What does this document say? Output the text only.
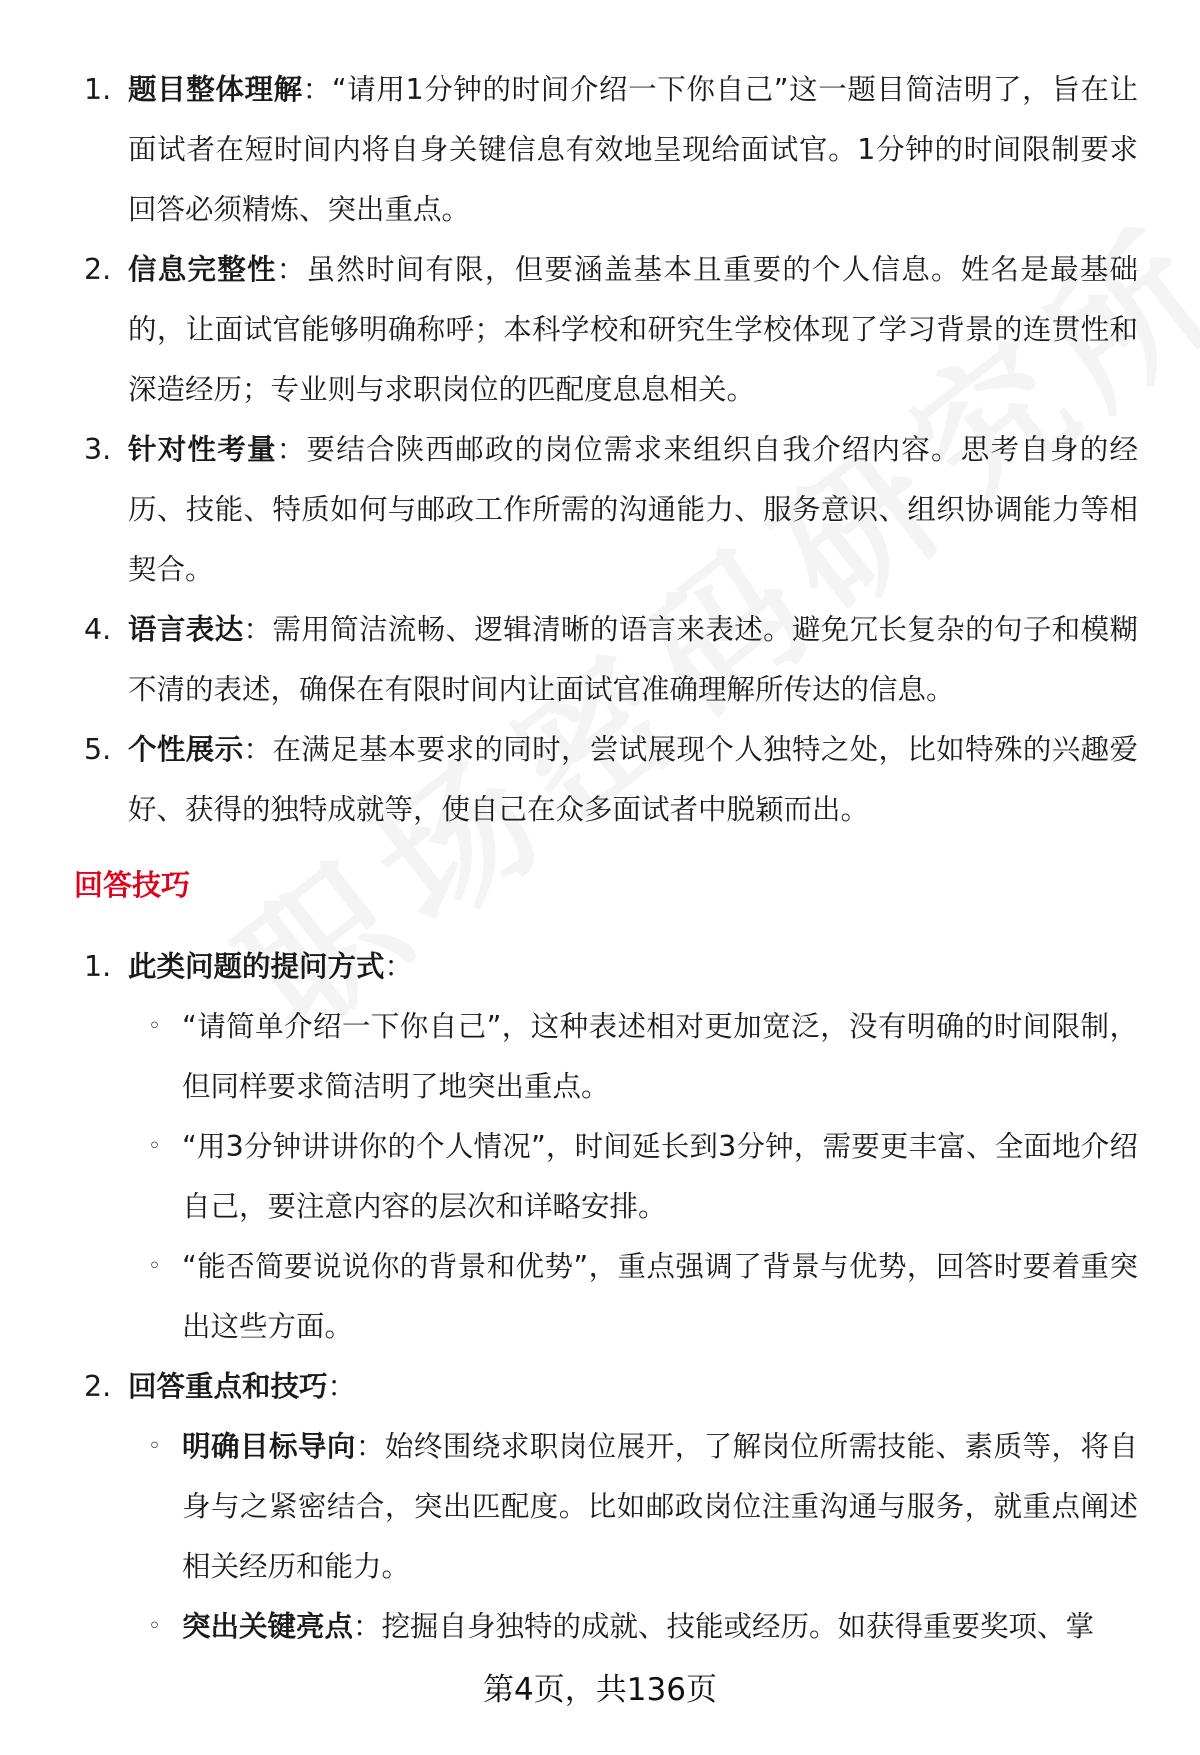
1. 题目整体理解：“请用1分钟的时间介绍一下你自己”这一题目简洁明了，旨在让面试者在短时间内将自身关键信息有效地呈现给面试官。1分钟的时间限制要求回答必须精炼、突出重点。
2. 信息完整性：虽然时间有限，但要涵盖基本且重要的个人信息。姓名是最基础的，让面试官能够明确称呼；本科学校和研究生学校体现了学习背景的连贯性和深造经历；专业则与求职岗位的匹配度息息相关。
3. 针对性考量：要结合陕西邮政的岗位需求来组织自我介绍内容。思考自身的经历、技能、特质如何与邮政工作所需的沟通能力、服务意识、组织协调能力等相契合。
4. 语言表达：需用简洁流畅、逻辑清晰的语言来表述。避免冗长复杂的句子和模糊不清的表述，确保在有限时间内让面试官准确理解所传达的信息。
5. 个性展示：在满足基本要求的同时，尝试展现个人独特之处，比如特殊的兴趣爱好、获得的独特成就等，使自己在众多面试者中脱颖而出。
回答技巧
1. 此类问题的提问方式：
◦ “请简单介绍一下你自己”，这种表述相对更加宽泛，没有明确的时间限制，但同样要求简洁明了地突出重点。
◦ “用3分钟讲讲你的个人情况”，时间延长到3分钟，需要更丰富、全面地介绍自己，要注意内容的层次和详略安排。
◦ “能否简要说说你的背景和优势”，重点强调了背景与优势，回答时要着重突出这些方面。
2. 回答重点和技巧：
◦ 明确目标导向：始终围绕求职岗位展开，了解岗位所需技能、素质等，将自身与之紧密结合，突出匹配度。比如邮政岗位注重沟通与服务，就重点阐述相关经历和能力。
◦ 突出关键亮点：挖掘自身独特的成就、技能或经历。如获得重要奖项、掌
第4页，共136页
